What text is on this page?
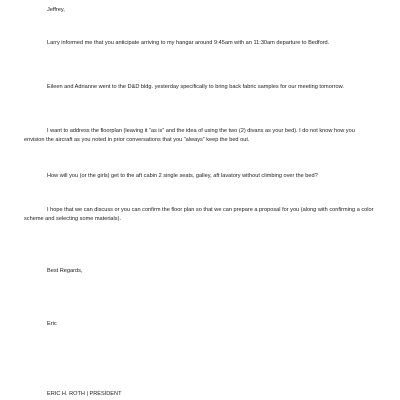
Jeffrey,

Larry informed me that you anticipate arriving to my hangar around 9:45am with an 11:30am departure to Bedford.

Eileen and Adrianne went to the D&D bldg. yesterday specifically to bring back fabric samples for our meeting tomorrow.

I want to address the floorplan (leaving it “as is” and the idea of using the two (2) divans as your bed). I do not know how you envision the aircraft as you noted in prior conversations that you “always” keep the bed out.

How will you (or the girls) get to the aft cabin 2 single seats, galley, aft lavatory without climbing over the bed?

I hope that we can discuss or you can confirm the floor plan so that we can prepare a proposal for you (along with confirming a color scheme and selecting some materials).

Best Regards,

Eric

ERIC H. ROTH | PRESIDENT
